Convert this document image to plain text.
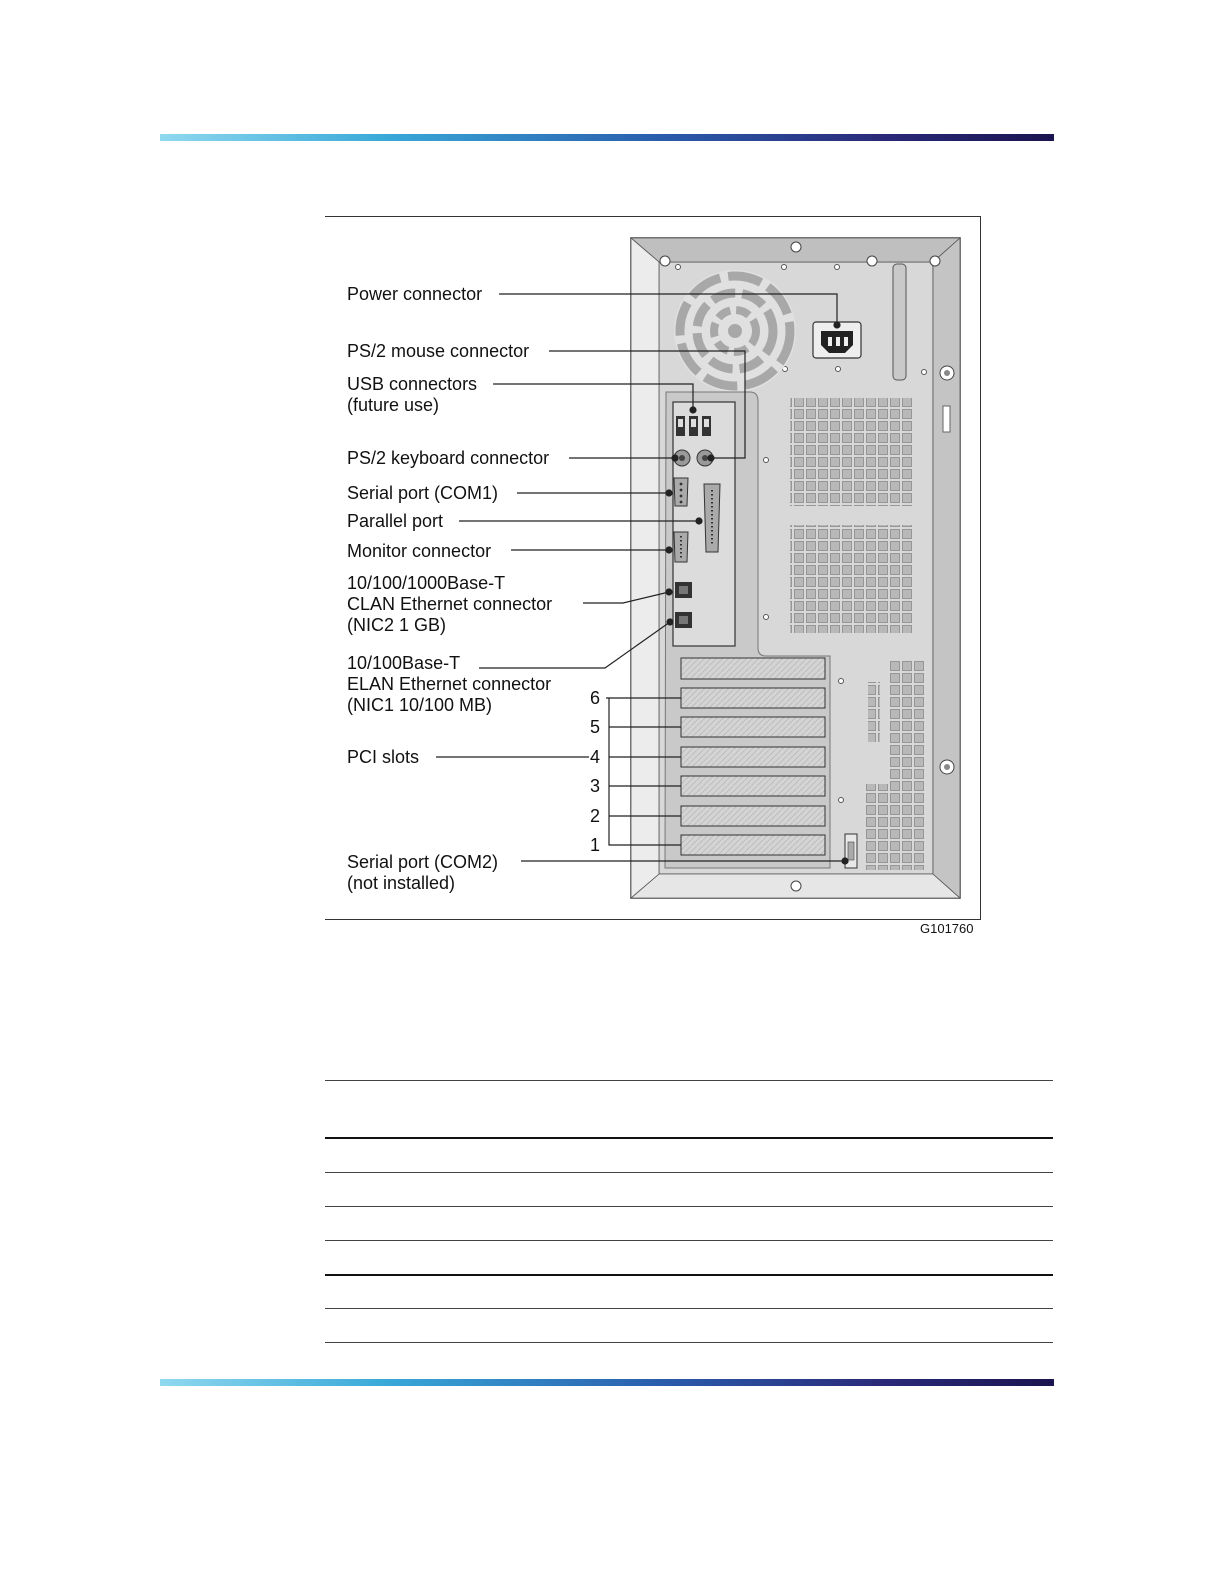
Power connector
PS/2 mouse connector
USB connectors
(future use)
PS/2 keyboard connector
Serial port (COM1)
Parallel port
Monitor connector
10/100/1000Base-T
CLAN Ethernet connector
(NIC2 1 GB)
10/100Base-T
ELAN Ethernet connector
(NIC1 10/100 MB)
PCI slots
Serial port (COM2)
(not installed)
6
5
4
3
2
1
G101760
